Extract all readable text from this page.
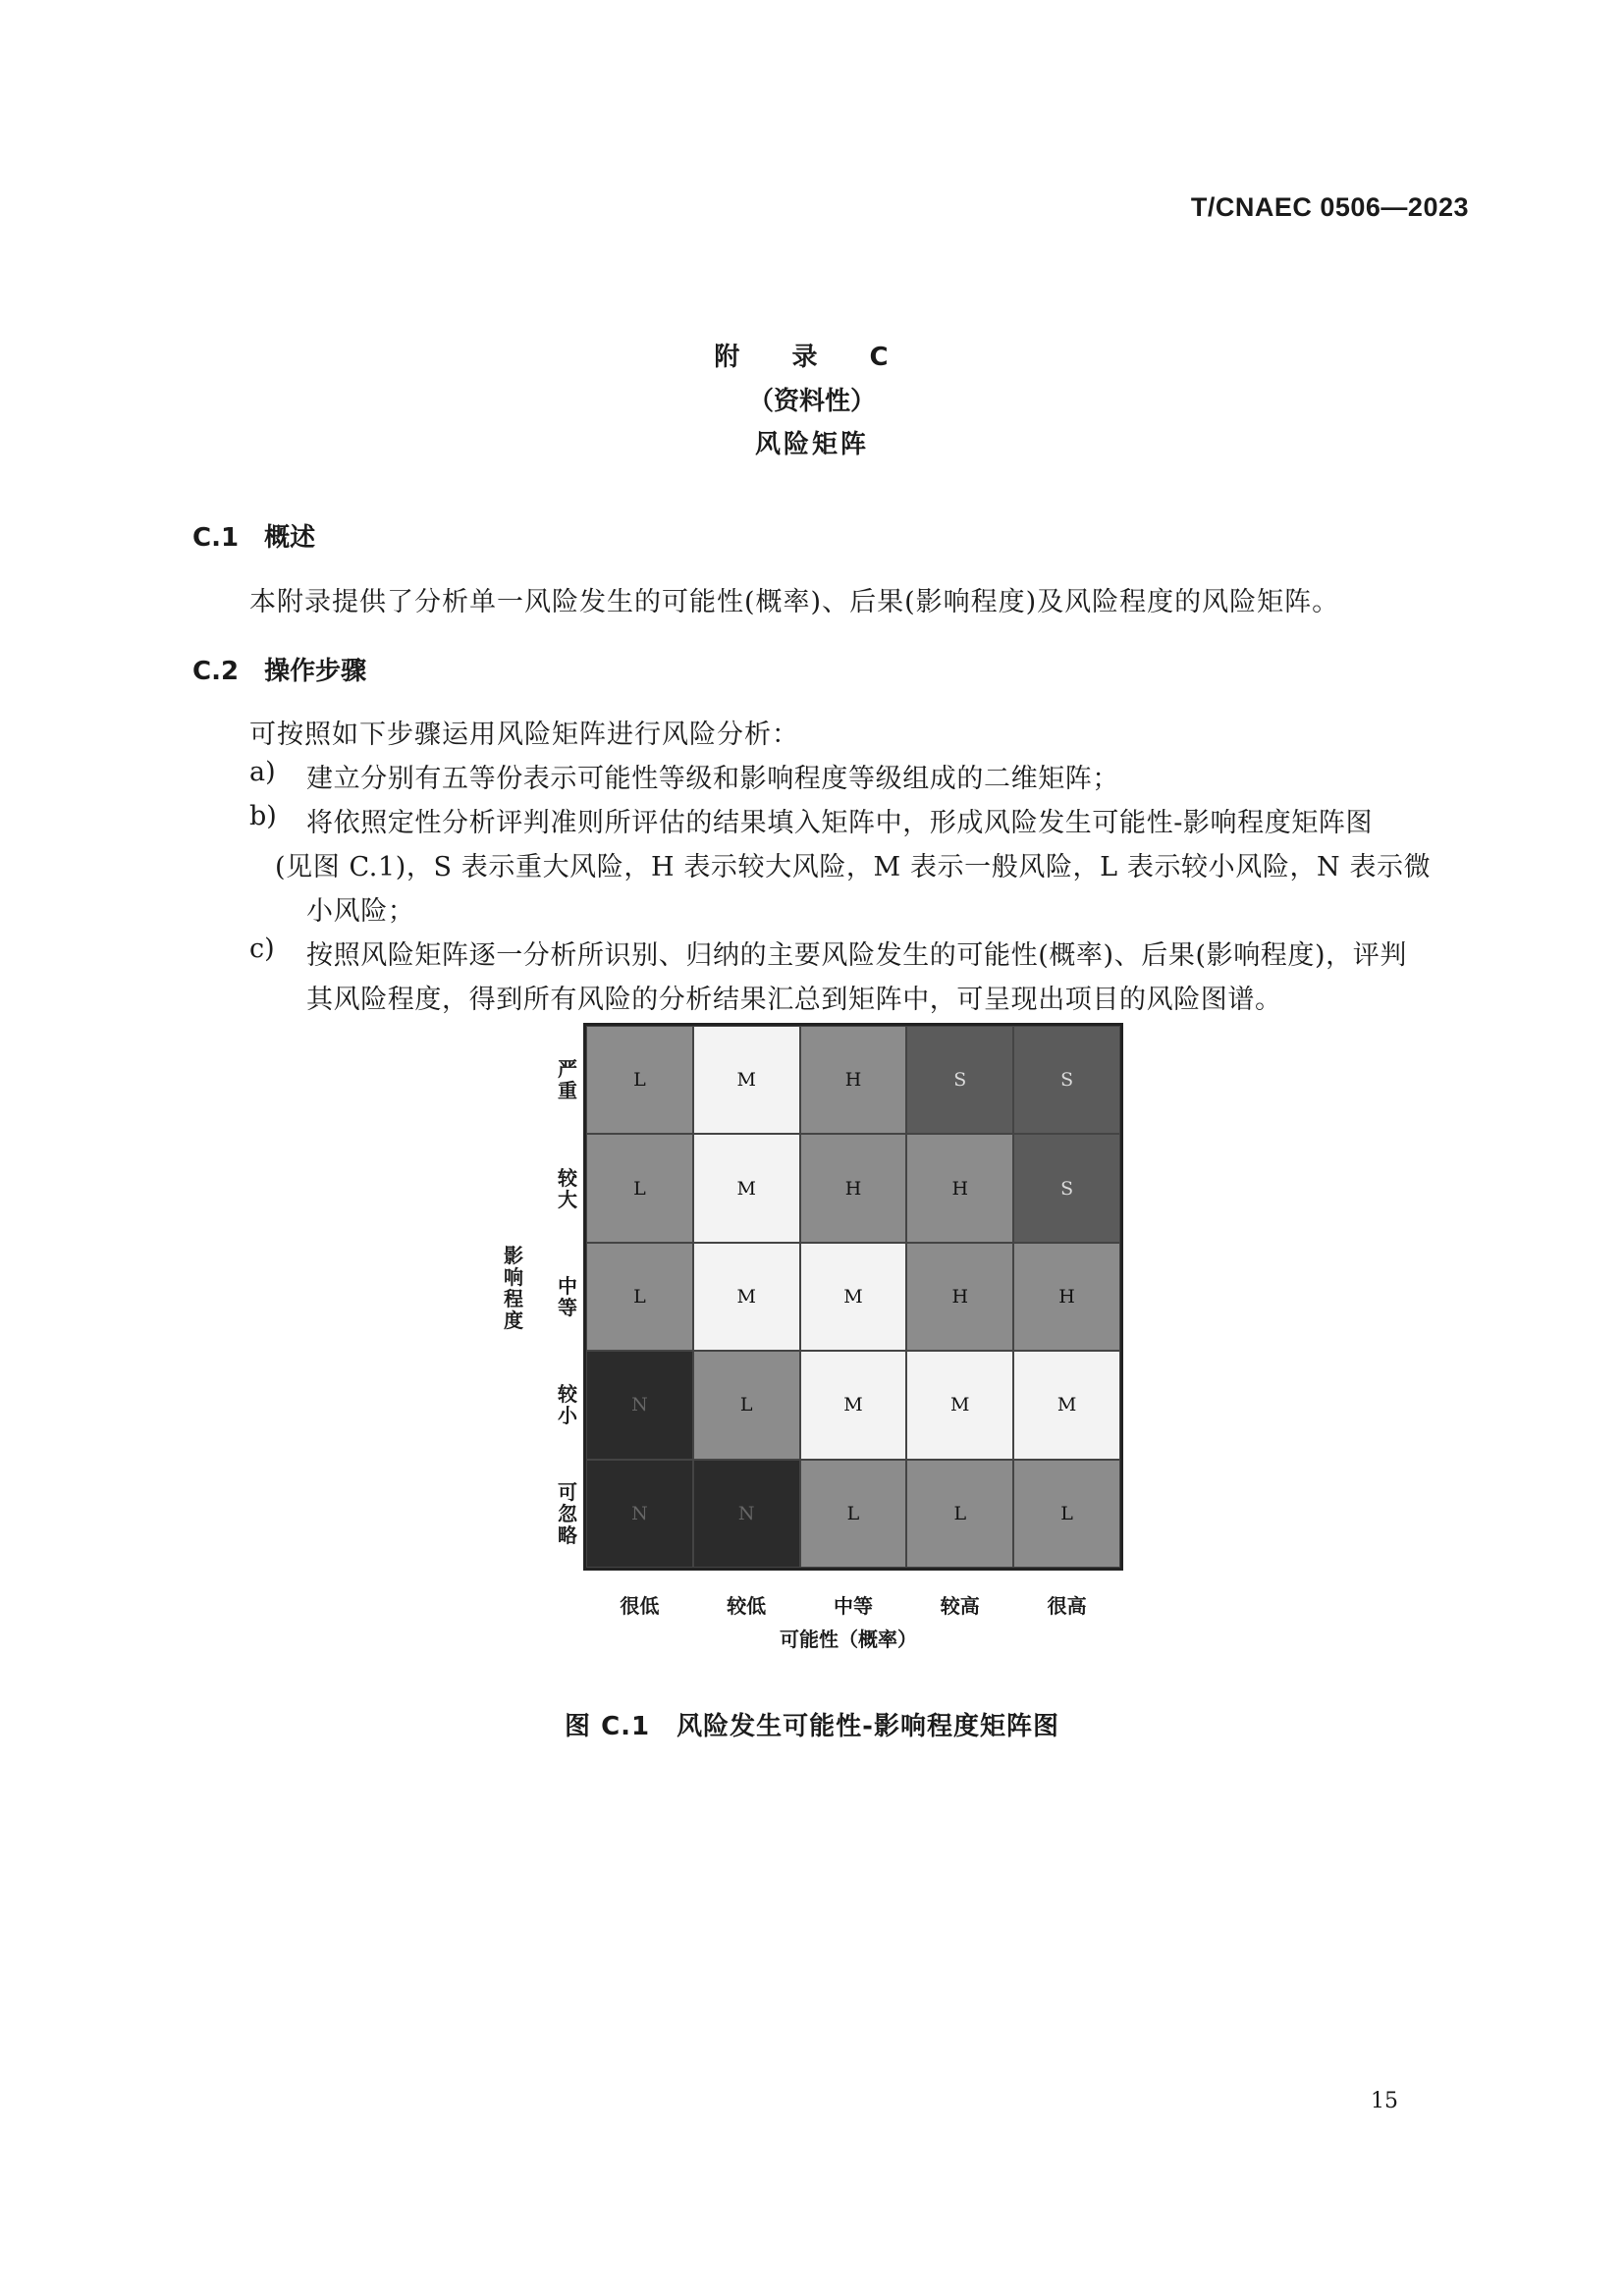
T/CNAEC 0506—2023
附 录 C
（资料性）
风险矩阵
C.1 概述
本附录提供了分析单一风险发生的可能性(概率)、后果(影响程度)及风险程度的风险矩阵。
C.2 操作步骤
可按照如下步骤运用风险矩阵进行风险分析：
a) 建立分别有五等份表示可能性等级和影响程度等级组成的二维矩阵；
b) 将依照定性分析评判准则所评估的结果填入矩阵中，形成风险发生可能性-影响程度矩阵图
(见图 C.1)，S 表示重大风险，H 表示较大风险，M 表示一般风险，L 表示较小风险，N 表示微
小风险；
c) 按照风险矩阵逐一分析所识别、归纳的主要风险发生的可能性(概率)、后果(影响程度)，评判
其风险程度，得到所有风险的分析结果汇总到矩阵中，可呈现出项目的风险图谱。
影响程度
严重
较大
中等
较小
可忽略
L	M	H	S	S
L	M	H	H	S
L	M	M	H	H
N	L	M	M	M
N	N	L	L	L
很低	较低	中等	较高	很高
可能性（概率）
图 C.1　风险发生可能性-影响程度矩阵图
15
